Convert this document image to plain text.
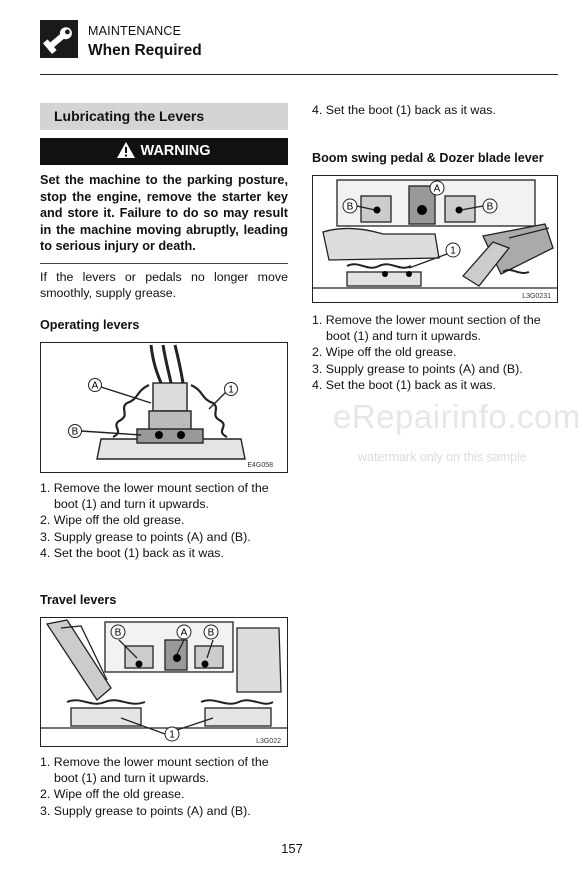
MAINTENANCE
When Required
Lubricating the Levers
WARNING
Set the machine to the parking posture, stop the engine, remove the starter key and store it. Failure to do so may result in the machine moving abruptly, leading to serious injury or death.
If the levers or pedals no longer move smoothly, supply grease.
Operating levers
A
B
1
E4G058
1. Remove the lower mount section of the boot (1) and turn it upwards.
2. Wipe off the old grease.
3. Supply grease to points (A) and (B).
4. Set the boot (1) back as it was.
Travel levers
B	A B
1
L3G022
1. Remove the lower mount section of the boot (1) and turn it upwards.
2. Wipe off the old grease.
3. Supply grease to points (A) and (B).
4. Set the boot (1) back as it was.
Boom swing pedal & Dozer blade lever
A
B	B
1
L3G0231
1. Remove the lower mount section of the boot (1) and turn it upwards.
2. Wipe off the old grease.
3. Supply grease to points (A) and (B).
4. Set the boot (1) back as it was.
eRepairinfo.com
watermark only on this sample
157
